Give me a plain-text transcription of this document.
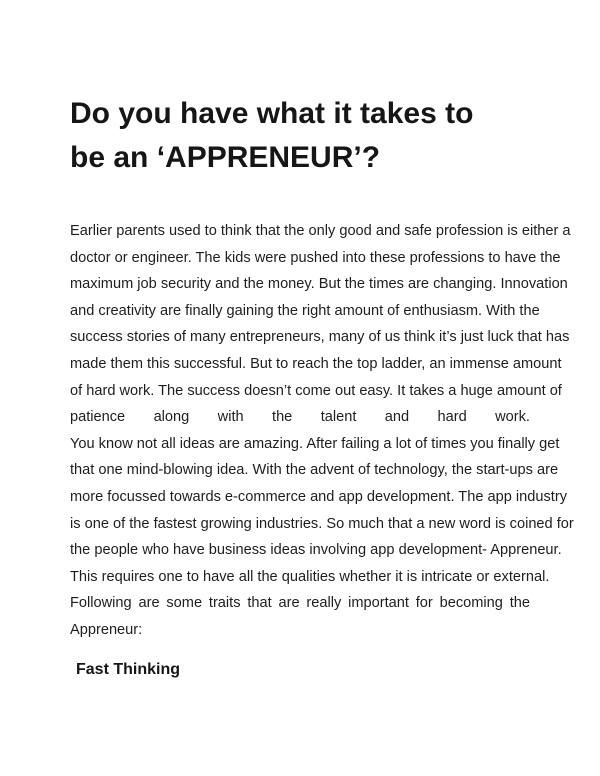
Do you have what it takes to
be an ‘APPRENEUR’?
Earlier parents used to think that the only good and safe profession is either a
doctor or engineer. The kids were pushed into these professions to have the
maximum job security and the money. But the times are changing. Innovation
and creativity are finally gaining the right amount of enthusiasm. With the
success stories of many entrepreneurs, many of us think it’s just luck that has
made them this successful. But to reach the top ladder, an immense amount
of hard work. The success doesn’t come out easy. It takes a huge amount of
patience along with the talent and hard work.
You know not all ideas are amazing. After failing a lot of times you finally get
that one mind-blowing idea. With the advent of technology, the start-ups are
more focussed towards e-commerce and app development. The app industry
is one of the fastest growing industries. So much that a new word is coined for
the people who have business ideas involving app development- Appreneur.
This requires one to have all the qualities whether it is intricate or external.
Following are some traits that are really important for becoming the
Appreneur:
Fast Thinking
